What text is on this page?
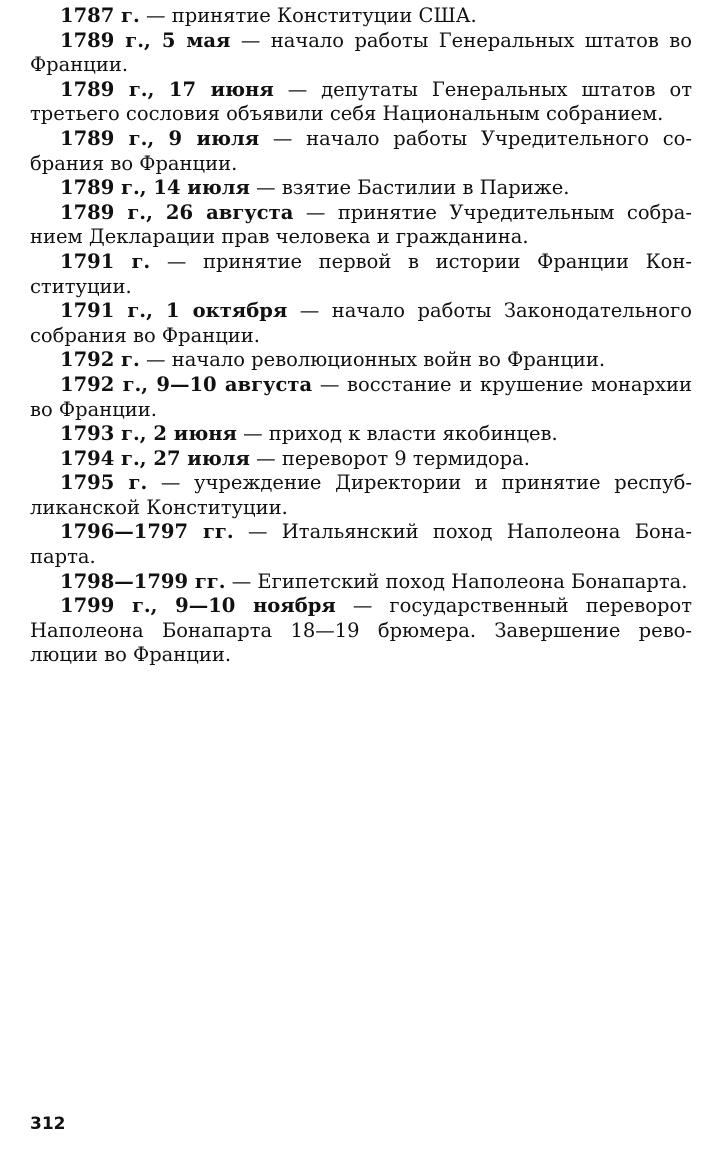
1787 г. — принятие Конституции США.

1789 г., 5 мая — начало работы Генеральных штатов во Франции.

1789 г., 17 июня — депутаты Генеральных штатов от третьего сословия объявили себя Национальным собранием.

1789 г., 9 июля — начало работы Учредительного собрания во Франции.

1789 г., 14 июля — взятие Бастилии в Париже.

1789 г., 26 августа — принятие Учредительным собранием Декларации прав человека и гражданина.

1791 г. — принятие первой в истории Франции Конституции.

1791 г., 1 октября — начало работы Законодательного собрания во Франции.

1792 г. — начало революционных войн во Франции.

1792 г., 9—10 августа — восстание и крушение монархии во Франции.

1793 г., 2 июня — приход к власти якобинцев.

1794 г., 27 июля — переворот 9 термидора.

1795 г. — учреждение Директории и принятие республиканской Конституции.

1796—1797 гг. — Итальянский поход Наполеона Бонапарта.

1798—1799 гг. — Египетский поход Наполеона Бонапарта.

1799 г., 9—10 ноября — государственный переворот Наполеона Бонапарта 18—19 брюмера. Завершение революции во Франции.

312
